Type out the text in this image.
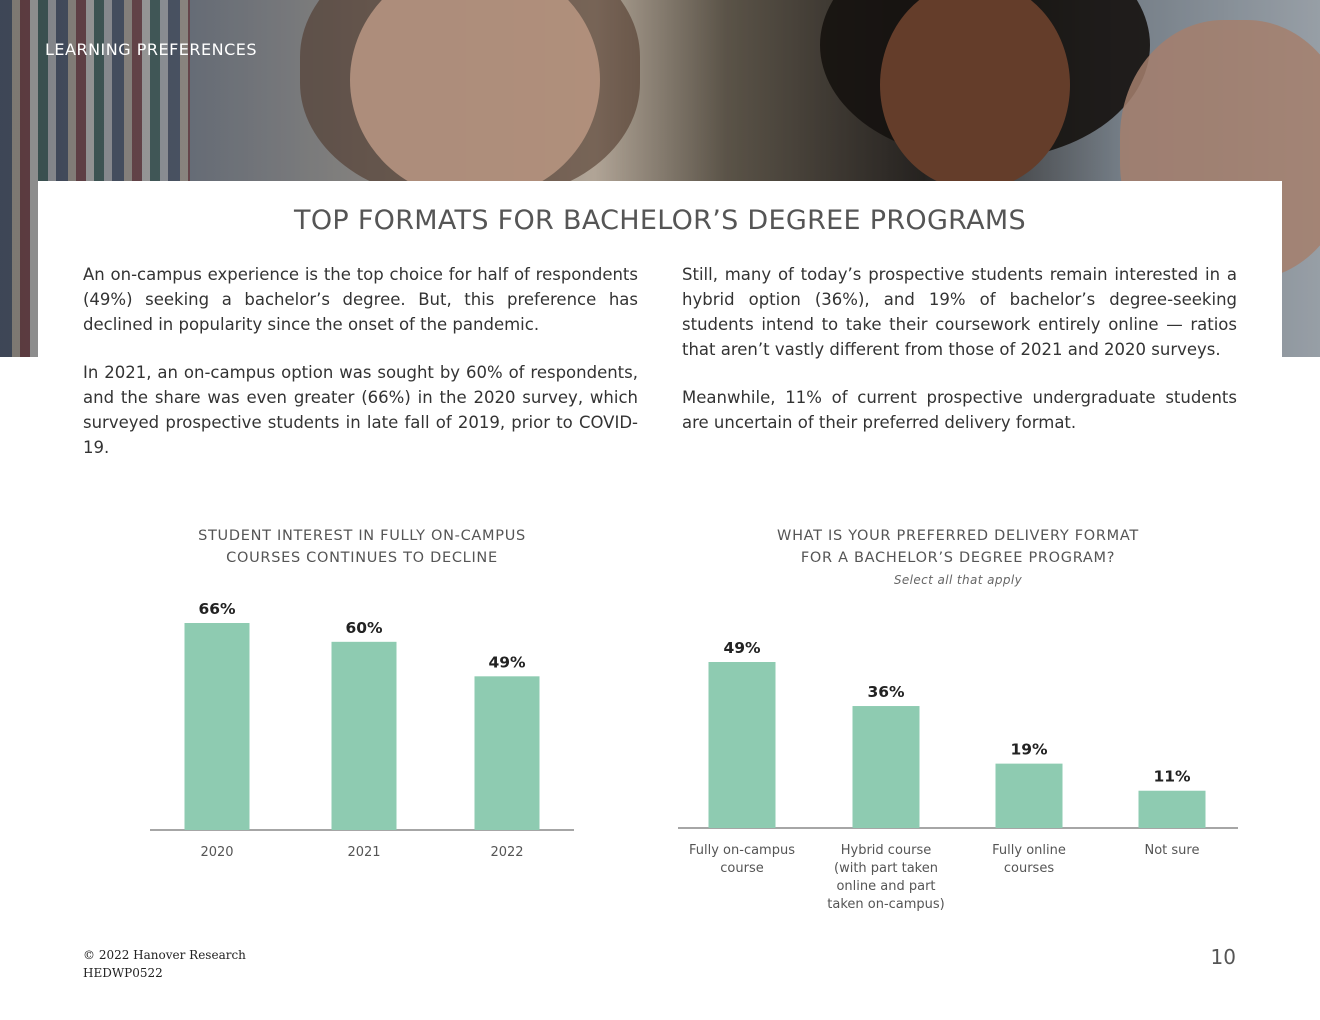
LEARNING PREFERENCES
TOP FORMATS FOR BACHELOR’S DEGREE PROGRAMS

An on-campus experience is the top choice for half of respondents (49%) seeking a bachelor’s degree. But, this preference has declined in popularity since the onset of the pandemic.

In 2021, an on-campus option was sought by 60% of respondents, and the share was even greater (66%) in the 2020 survey, which surveyed prospective students in late fall of 2019, prior to COVID-19.

Still, many of today’s prospective students remain interested in a hybrid option (36%), and 19% of bachelor’s degree-seeking students intend to take their coursework entirely online — ratios that aren’t vastly different from those of 2021 and 2020 surveys.

Meanwhile, 11% of current prospective undergraduate students are uncertain of their preferred delivery format.

STUDENT INTEREST IN FULLY ON-CAMPUS
COURSES CONTINUES TO DECLINE
66%
2020
60%
2021
49%
2022
WHAT IS YOUR PREFERRED DELIVERY FORMAT
FOR A BACHELOR’S DEGREE PROGRAM?
Select all that apply
49%
Fully on-campus
course
36%
Hybrid course
(with part taken
online and part
taken on-campus)
19%
Fully online
courses
11%
Not sure
© 2022 Hanover Research
HEDWP0522
10
